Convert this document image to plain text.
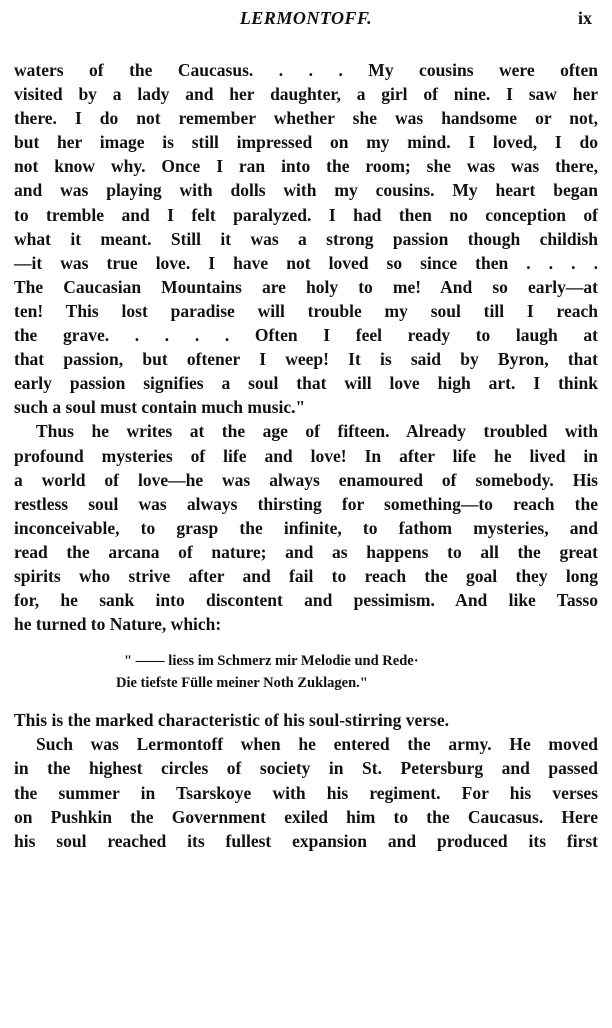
LERMONTOFF.	ix
waters of the Caucasus. . . . My cousins were often
visited by a lady and her daughter, a girl of nine. I saw her
there. I do not remember whether she was handsome or not,
but her image is still impressed on my mind. I loved, I do
not know why. Once I ran into the room; she was was there,
and was playing with dolls with my cousins. My heart began
to tremble and I felt paralyzed. I had then no conception of
what it meant. Still it was a strong passion though childish
—it was true love. I have not loved so since then . . . .
The Caucasian Mountains are holy to me! And so early—at
ten! This lost paradise will trouble my soul till I reach
the grave. . . . . Often I feel ready to laugh at
that passion, but oftener I weep! It is said by Byron, that
early passion signifies a soul that will love high art. I think
such a soul must contain much music."
Thus he writes at the age of fifteen. Already troubled with
profound mysteries of life and love! In after life he lived in
a world of love—he was always enamoured of somebody. His
restless soul was always thirsting for something—to reach the
inconceivable, to grasp the infinite, to fathom mysteries, and
read the arcana of nature; and as happens to all the great
spirits who strive after and fail to reach the goal they long
for, he sank into discontent and pessimism. And like Tasso
he turned to Nature, which:
" —— liess im Schmerz mir Melodie und Rede·
Die tiefste Fülle meiner Noth Zuklagen."
This is the marked characteristic of his soul-stirring verse.
Such was Lermontoff when he entered the army. He moved
in the highest circles of society in St. Petersburg and passed
the summer in Tsarskoye with his regiment. For his verses
on Pushkin the Government exiled him to the Caucasus. Here
his soul reached its fullest expansion and produced its first
